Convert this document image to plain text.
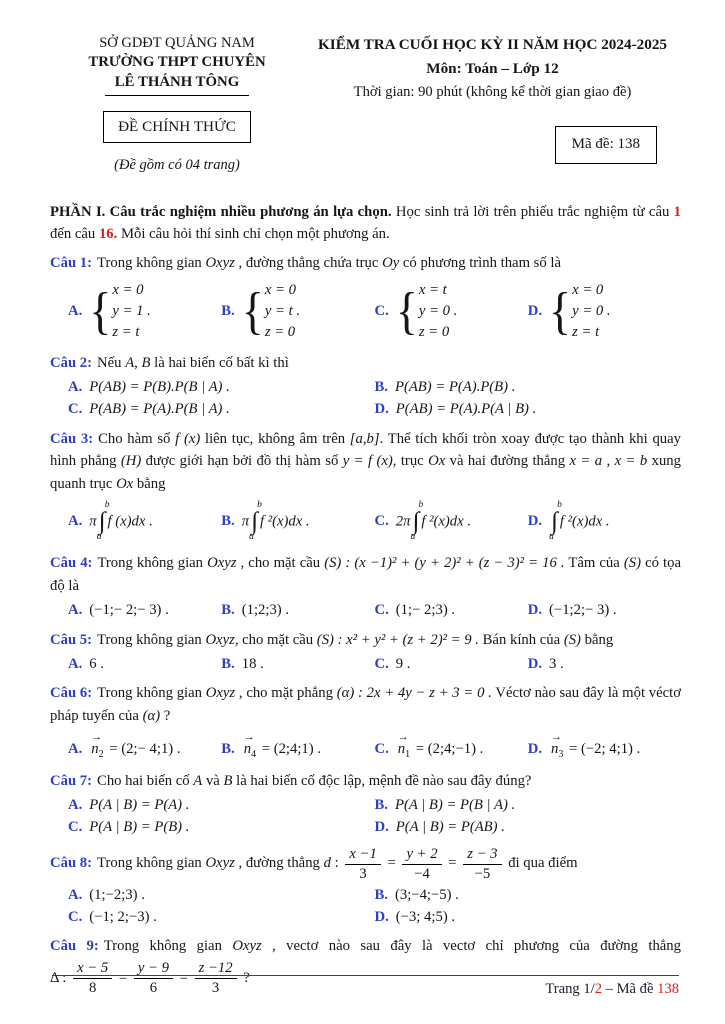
SỞ GDĐT QUẢNG NAM
TRƯỜNG THPT CHUYÊN
LÊ THÁNH TÔNG
ĐỀ CHÍNH THỨC
(Đề gồm có 04 trang)
KIỂM TRA CUỐI HỌC KỲ II NĂM HỌC 2024-2025
Môn: Toán – Lớp 12
Thời gian: 90 phút (không kể thời gian giao đề)
Mã đề: 138

PHẦN I. Câu trắc nghiệm nhiều phương án lựa chọn. Học sinh trả lời trên phiếu trắc nghiệm từ câu 1 đến câu 16. Mỗi câu hỏi thí sinh chỉ chọn một phương án.

Câu 1: Trong không gian Oxyz , đường thẳng chứa trục Oy có phương trình tham số là

A. { x = 0
y = 1 .
z = t
B. { x = 0
y = t .
z = 0
C. { x = t
y = 0 .
z = 0
D. { x = 0
y = 0 .
z = t

Câu 2: Nếu A, B là hai biến cố bất kì thì

A. P(AB) = P(B).P(B | A) .	B. P(AB) = P(A).P(B) .
C. P(AB) = P(A).P(B | A) .	D. P(AB) = P(A).P(A | B) .

Câu 3: Cho hàm số f (x) liên tục, không âm trên [a,b]. Thể tích khối tròn xoay được tạo thành khi quay hình phẳng (H) được giới hạn bởi đồ thị hàm số y = f (x), trục Ox và hai đường thẳng x = a , x = b xung quanh trục Ox bằng

A. π
b
∫
a
f (x)dx .	B. π
b
∫
a
f ²(x)dx .	C. 2π
b
∫
a
f ²(x)dx .	D.
b
∫
a
f ²(x)dx .

Câu 4: Trong không gian Oxyz , cho mặt cầu (S) : (x −1)² + (y + 2)² + (z − 3)² = 16 . Tâm của (S) có tọa độ là

A. (−1;− 2;− 3) .	B. (1;2;3) .	C. (1;− 2;3) .	D. (−1;2;− 3) .

Câu 5: Trong không gian Oxyz, cho mặt cầu (S) : x² + y² + (z + 2)² = 9 . Bán kính của (S) bằng

A. 6 .	B. 18 .	C. 9 .	D. 3 .

Câu 6: Trong không gian Oxyz , cho mặt phẳng (α) : 2x + 4y − z + 3 = 0 . Véctơ nào sau đây là một véctơ pháp tuyến của (α) ?

A.
→
$n_2$ = (2;− 4;1) .	B.
→
$n_4$ = (2;4;1) .	C.
→
$n_1$ = (2;4;−1) .	D.
→
$n_3 = (-2$; 4;1) .

Câu 7: Cho hai biến cố A và B là hai biến cố độc lập, mệnh đề nào sau đây đúng?

A. P(A | B) = P(A) .	B. P(A | B) = P(B | A) .
C. P(A | B) = P(B) .	D. P(A | B) = P(AB) .

Câu 8: Trong không gian Oxyz , đường thẳng d : $\frac{x -1}{3} = \frac{y + 2}{-4} = \frac{z - 3}{-5}$ đi qua điểm

A. (1;−2;3) .	B. (3;−4;−5) .
C. (−1; 2;−3) .	D. (−3; 4;5) .

Câu 9: Trong không gian Oxyz , vectơ nào sau đây là vectơ chỉ phương của đường thẳng

Δ : $\frac{x - 5}{8} = \frac{y - 9}{6} = \frac{z -12}{3}$ ?
Trang 1/2 – Mã đề 138
